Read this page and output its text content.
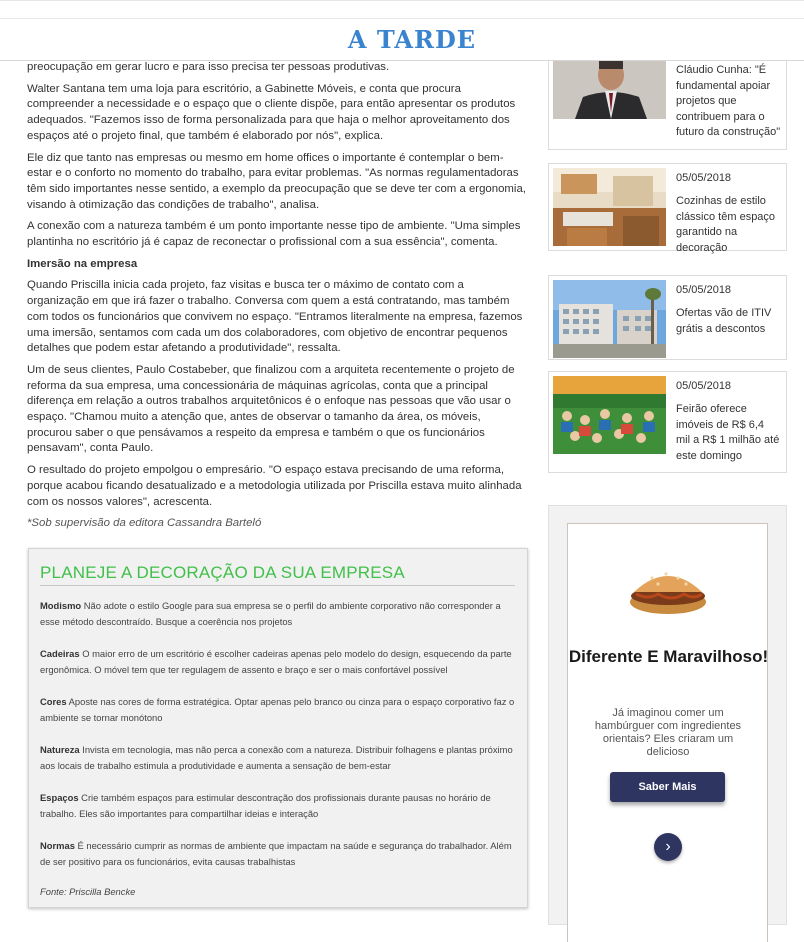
A TARDE

preocupação em gerar lucro e para isso precisa ter pessoas produtivas.

Walter Santana tem uma loja para escritório, a Gabinette Móveis, e conta que procura compreender a necessidade e o espaço que o cliente dispõe, para então apresentar os produtos adequados. "Fazemos isso de forma personalizada para que haja o melhor aproveitamento dos espaços até o projeto final, que também é elaborado por nós", explica.

Ele diz que tanto nas empresas ou mesmo em home offices o importante é contemplar o bem-estar e o conforto no momento do trabalho, para evitar problemas. "As normas regulamentadoras têm sido importantes nesse sentido, a exemplo da preocupação que se deve ter com a ergonomia, visando à otimização das condições de trabalho", analisa.

A conexão com a natureza também é um ponto importante nesse tipo de ambiente. "Uma simples plantinha no escritório já é capaz de reconectar o profissional com a sua essência", comenta.

Imersão na empresa

Quando Priscilla inicia cada projeto, faz visitas e busca ter o máximo de contato com a organização em que irá fazer o trabalho. Conversa com quem a está contratando, mas também com todos os funcionários que convivem no espaço. "Entramos literalmente na empresa, fazemos uma imersão, sentamos com cada um dos colaboradores, com objetivo de encontrar pequenos detalhes que podem estar afetando a produtividade", ressalta.

Um de seus clientes, Paulo Costabeber, que finalizou com a arquiteta recentemente o projeto de reforma da sua empresa, uma concessionária de máquinas agrícolas, conta que a principal diferença em relação a outros trabalhos arquitetônicos é o enfoque nas pessoas que vão usar o espaço. "Chamou muito a atenção que, antes de observar o tamanho da área, os móveis, procurou saber o que pensávamos a respeito da empresa e também o que os funcionários pensavam", conta Paulo.

O resultado do projeto empolgou o empresário. "O espaço estava precisando de uma reforma, porque acabou ficando desatualizado e a metodologia utilizada por Priscilla estava muito alinhada com os nossos valores", acrescenta.

*Sob supervisão da editora Cassandra Barteló

PLANEJE A DECORAÇÃO DA SUA EMPRESA
Modismo Não adote o estilo Google para sua empresa se o perfil do ambiente corporativo não corresponder a esse método descontraído. Busque a coerência nos projetos
Cadeiras O maior erro de um escritório é escolher cadeiras apenas pelo modelo do design, esquecendo da parte ergonômica. O móvel tem que ter regulagem de assento e braço e ser o mais confortável possível
Cores Aposte nas cores de forma estratégica. Optar apenas pelo branco ou cinza para o espaço corporativo faz o ambiente se tornar monótono
Natureza Invista em tecnologia, mas não perca a conexão com a natureza. Distribuir folhagens e plantas próximo aos locais de trabalho estimula a produtividade e aumenta a sensação de bem-estar
Espaços Crie também espaços para estimular descontração dos profissionais durante pausas no horário de trabalho. Eles são importantes para compartilhar ideias e interação
Normas É necessário cumprir as normas de ambiente que impactam na saúde e segurança do trabalhador. Além de ser positivo para os funcionários, evita causas trabalhistas
Fonte: Priscilla Bencke
Cláudio Cunha: "É fundamental apoiar projetos que contribuem para o futuro da construção"
05/05/2018
Cozinhas de estilo clássico têm espaço garantido na decoração
05/05/2018
Ofertas vão de ITIV grátis a descontos
05/05/2018
Feirão oferece imóveis de R$ 6,4 mil a R$ 1 milhão até este domingo
Diferente E Maravilhoso!
Já imaginou comer um hambúrguer com ingredientes orientais? Eles criaram um delicioso
Saber Mais
›
